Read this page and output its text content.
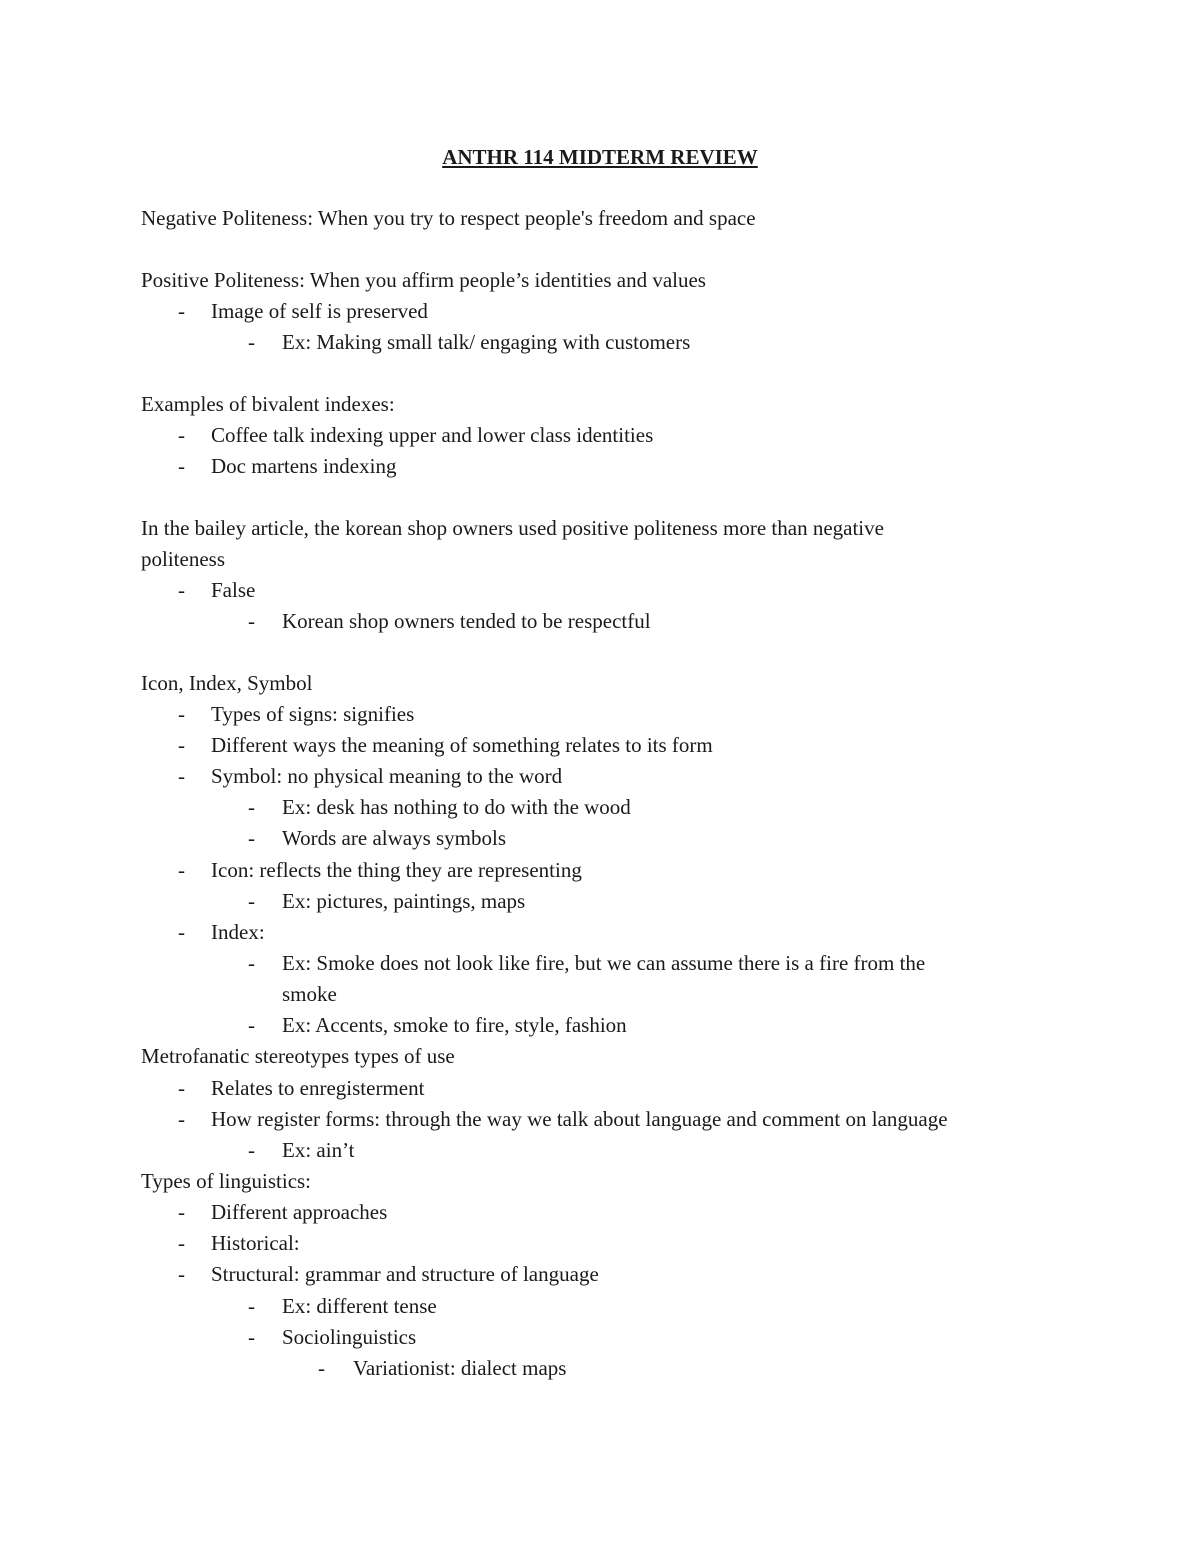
ANTHR 114 MIDTERM REVIEW

Negative Politeness: When you try to respect people's freedom and space

Positive Politeness: When you affirm people’s identities and values

- Image of self is preserved

- Ex: Making small talk/ engaging with customers

Examples of bivalent indexes:

- Coffee talk indexing upper and lower class identities

- Doc martens indexing

In the bailey article, the korean shop owners used positive politeness more than negative

politeness

- False

- Korean shop owners tended to be respectful

Icon, Index, Symbol

- Types of signs: signifies

- Different ways the meaning of something relates to its form

- Symbol: no physical meaning to the word

- Ex: desk has nothing to do with the wood

- Words are always symbols

- Icon: reflects the thing they are representing

- Ex: pictures, paintings, maps

- Index:

- Ex: Smoke does not look like fire, but we can assume there is a fire from the

smoke

- Ex: Accents, smoke to fire, style, fashion

Metrofanatic stereotypes types of use

- Relates to enregisterment

- How register forms: through the way we talk about language and comment on language

- Ex: ain’t

Types of linguistics:

- Different approaches

- Historical:

- Structural: grammar and structure of language

- Ex: different tense

- Sociolinguistics

- Variationist: dialect maps
